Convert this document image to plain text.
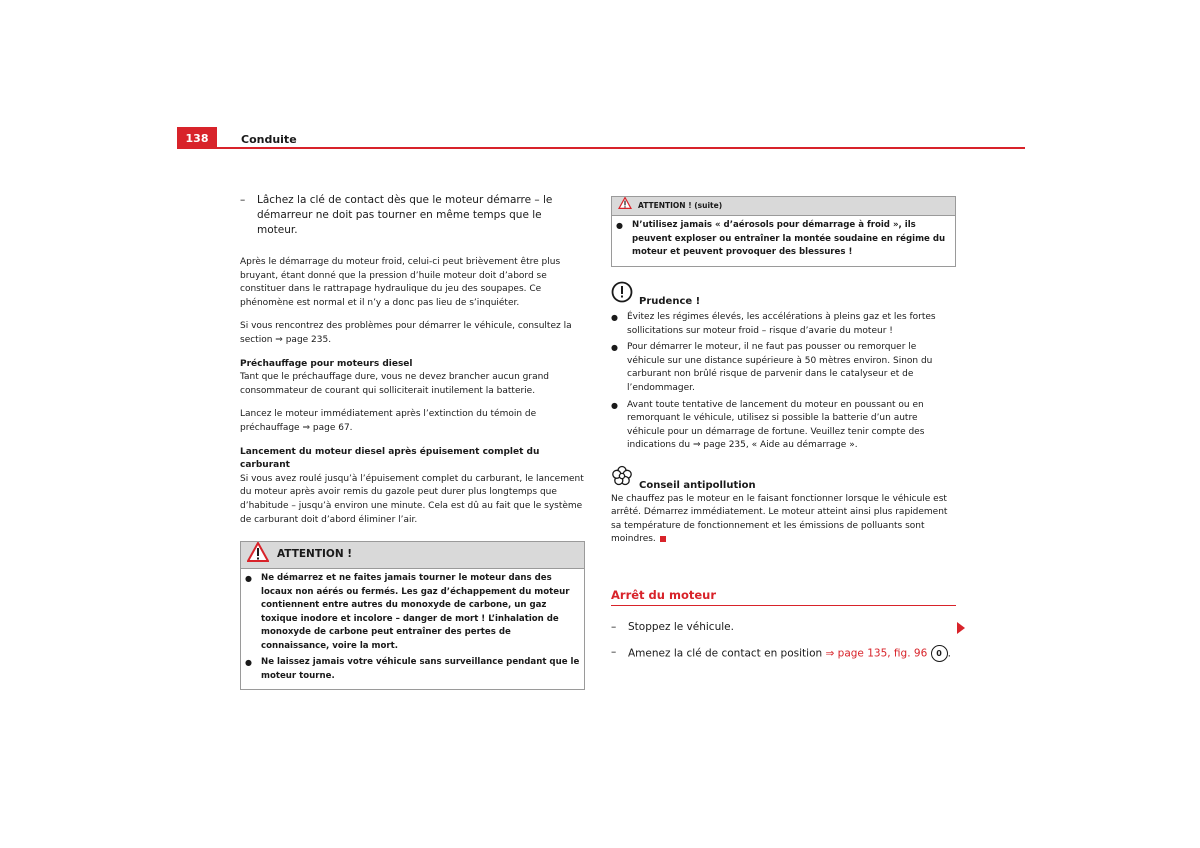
138	Conduite
–	Lâchez la clé de contact dès que le moteur démarre – le démarreur ne doit pas tourner en même temps que le moteur.

Après le démarrage du moteur froid, celui-ci peut brièvement être plus bruyant, étant donné que la pression d’huile moteur doit d’abord se constituer dans le rattrapage hydraulique du jeu des soupapes. Ce phénomène est normal et il n’y a donc pas lieu de s’inquiéter.

Si vous rencontrez des problèmes pour démarrer le véhicule, consultez la section ⇒ page 235.

Préchauffage pour moteurs diesel

Tant que le préchauffage dure, vous ne devez brancher aucun grand consommateur de courant qui solliciterait inutilement la batterie.

Lancez le moteur immédiatement après l’extinction du témoin de préchauffage ⇒ page 67.

Lancement du moteur diesel après épuisement complet du carburant

Si vous avez roulé jusqu’à l’épuisement complet du carburant, le lancement du moteur après avoir remis du gazole peut durer plus longtemps que d’habitude – jusqu’à environ une minute. Cela est dû au fait que le système de carburant doit d’abord éliminer l’air.

ATTENTION !
●	Ne démarrez et ne faites jamais tourner le moteur dans des locaux non aérés ou fermés. Les gaz d’échappement du moteur contiennent entre autres du monoxyde de carbone, un gaz toxique inodore et incolore – danger de mort ! L’inhalation de monoxyde de carbone peut entraîner des pertes de connaissance, voire la mort.
●	Ne laissez jamais votre véhicule sans surveillance pendant que le moteur tourne.
ATTENTION ! (suite)
●	N’utilisez jamais « d’aérosols pour démarrage à froid », ils peuvent exploser ou entraîner la montée soudaine en régime du moteur et peuvent provoquer des blessures !
Prudence !
●	Évitez les régimes élevés, les accélérations à pleins gaz et les fortes sollicitations sur moteur froid – risque d’avarie du moteur !
●	Pour démarrer le moteur, il ne faut pas pousser ou remorquer le véhicule sur une distance supérieure à 50 mètres environ. Sinon du carburant non brûlé risque de parvenir dans le catalyseur et de l’endommager.
●	Avant toute tentative de lancement du moteur en poussant ou en remorquant le véhicule, utilisez si possible la batterie d’un autre véhicule pour un démarrage de fortune. Veuillez tenir compte des indications du ⇒ page 235, « Aide au démarrage ».
Conseil antipollution

Ne chauffez pas le moteur en le faisant fonctionner lorsque le véhicule est arrêté. Démarrez immédiatement. Le moteur atteint ainsi plus rapidement sa température de fonctionnement et les émissions de polluants sont moindres.

Arrêt du moteur
–	Stoppez le véhicule.
–	Amenez la clé de contact en position ⇒ page 135, fig. 96 0 .
